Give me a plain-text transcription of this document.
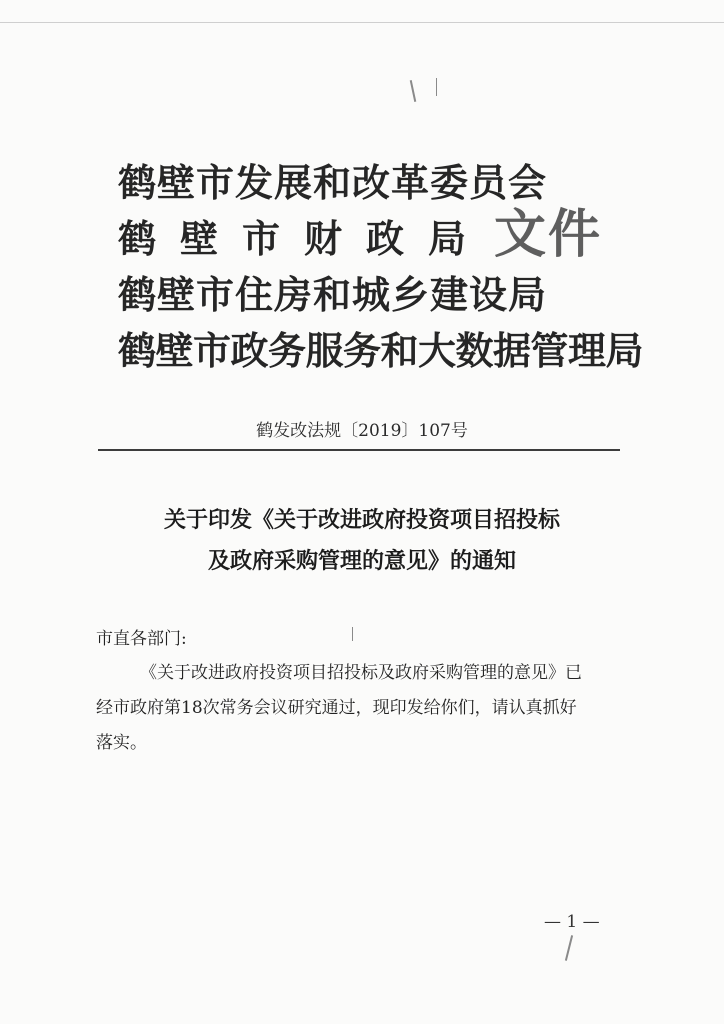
鹤壁市发展和改革委员会
鹤壁市财政局
鹤壁市住房和城乡建设局
鹤壁市政务服务和大数据管理局
文件
鹤发改法规〔2019〕107号
关于印发《关于改进政府投资项目招投标
及政府采购管理的意见》的通知
市直各部门:
《关于改进政府投资项目招投标及政府采购管理的意见》已
经市政府第18次常务会议研究通过，现印发给你们，请认真抓好
落实。
— 1 —
